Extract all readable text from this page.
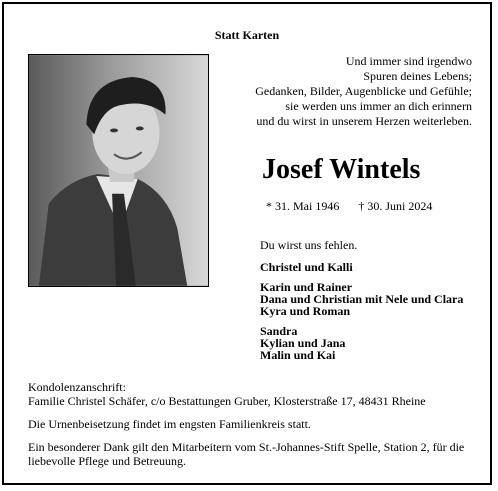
Statt Karten
Und immer sind irgendwo
Spuren deines Lebens;
Gedanken, Bilder, Augenblicke und Gefühle;
sie werden uns immer an dich erinnern
und du wirst in unserem Herzen weiterleben.
Josef Wintels
* 31. Mai 1946 † 30. Juni 2024
Du wirst uns fehlen.
Christel und Kalli
Karin und Rainer
Dana und Christian mit Nele und Clara
Kyra und Roman
Sandra
Kylian und Jana
Malin und Kai

Kondolenzanschrift:
Familie Christel Schäfer, c/o Bestattungen Gruber, Klosterstraße 17, 48431 Rheine

Die Urnenbeisetzung findet im engsten Familienkreis statt.

Ein besonderer Dank gilt den Mitarbeitern vom St.-Johannes-Stift Spelle, Station 2, für die liebevolle Pflege und Betreuung.
